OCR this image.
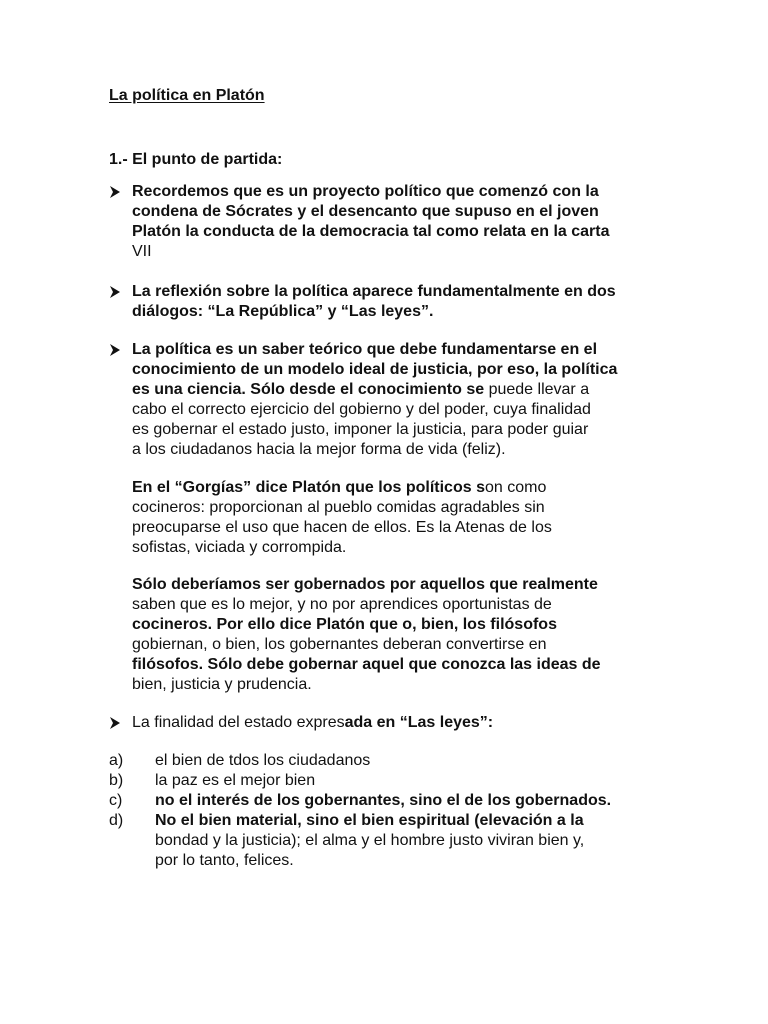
La política en Platón
1.- El punto de partida:
Recordemos que es un proyecto político que comenzó con la
condena de Sócrates y el desencanto que supuso en el joven
Platón la conducta de la democracia tal como relata en la carta
VII
La reflexión sobre la política aparece fundamentalmente en dos
diálogos: “La República” y “Las leyes”.
La política es un saber teórico que debe fundamentarse en el
conocimiento de un modelo ideal de justicia, por eso, la política
es una ciencia. Sólo desde el conocimiento se puede llevar a
cabo el correcto ejercicio del gobierno y del poder, cuya finalidad
es gobernar el estado justo, imponer la justicia, para poder guiar
a los ciudadanos hacia la mejor forma de vida (feliz).
En el “Gorgías” dice Platón que los políticos son como
cocineros: proporcionan al pueblo comidas agradables sin
preocuparse el uso que hacen de ellos. Es la Atenas de los
sofistas, viciada y corrompida.
Sólo deberíamos ser gobernados por aquellos que realmente
saben que es lo mejor, y no por aprendices oportunistas de
cocineros. Por ello dice Platón que o, bien, los filósofos
gobiernan, o bien, los gobernantes deberan convertirse en
filósofos. Sólo debe gobernar aquel que conozca las ideas de
bien, justicia y prudencia.
La finalidad del estado expresada en “Las leyes”:
a) el bien de tdos los ciudadanos
b) la paz es el mejor bien
c) no el interés de los gobernantes, sino el de los gobernados.
d) No el bien material, sino el bien espiritual (elevación a la
bondad y la justicia); el alma y el hombre justo viviran bien y,
por lo tanto, felices.
